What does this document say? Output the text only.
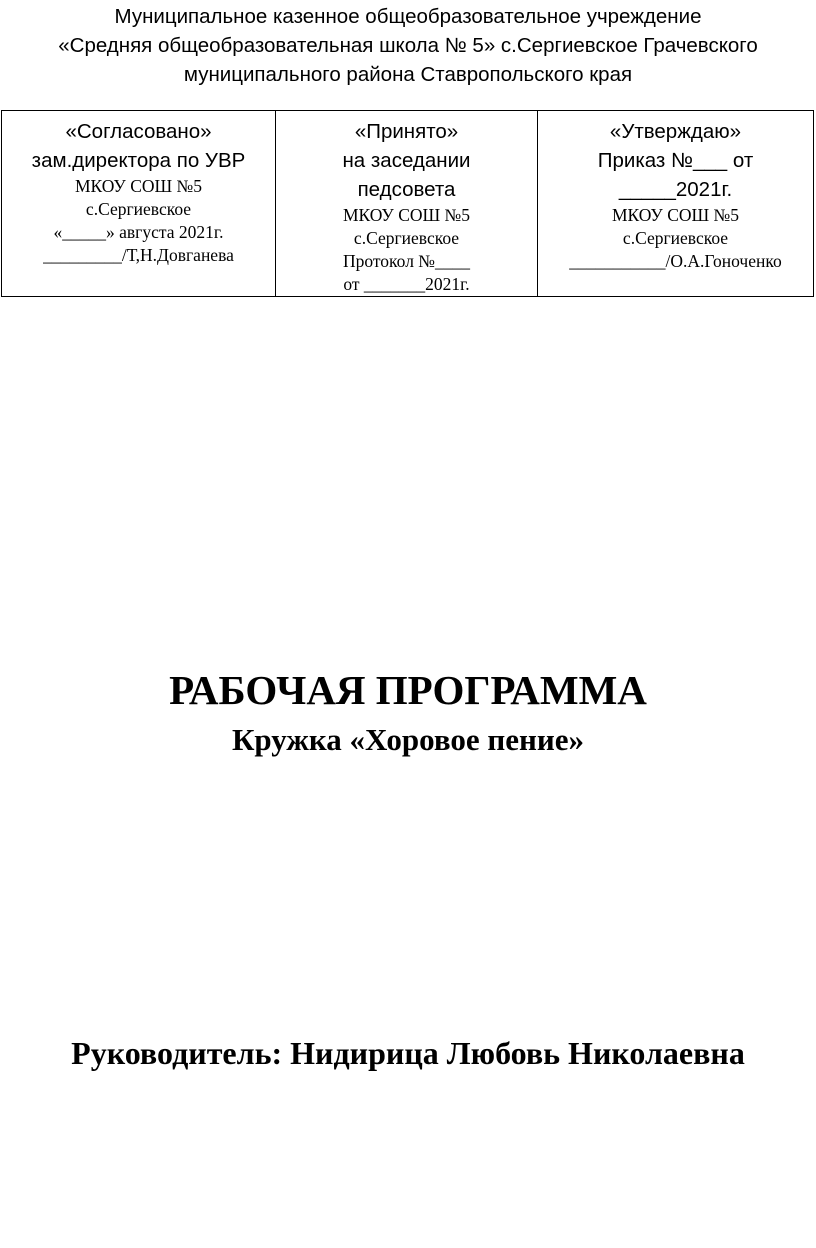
Муниципальное казенное общеобразовательное учреждение
«Средняя общеобразовательная школа № 5» с.Сергиевское Грачевского
муниципального района Ставропольского края
«Согласовано»
зам.директора по УВР
МКОУ СОШ №5
с.Сергиевское
«_____» августа 2021г.
_________/Т,Н.Довганева

«Принято»
на заседании
педсовета
МКОУ СОШ №5
с.Сергиевское
Протокол №____
от _______2021г.

«Утверждаю»
Приказ №___ от
_____2021г.
МКОУ СОШ №5
с.Сергиевское
___________/О.А.Гоноченко
РАБОЧАЯ ПРОГРАММА
Кружка «Хоровое пение»
Руководитель: Нидирица Любовь Николаевна
